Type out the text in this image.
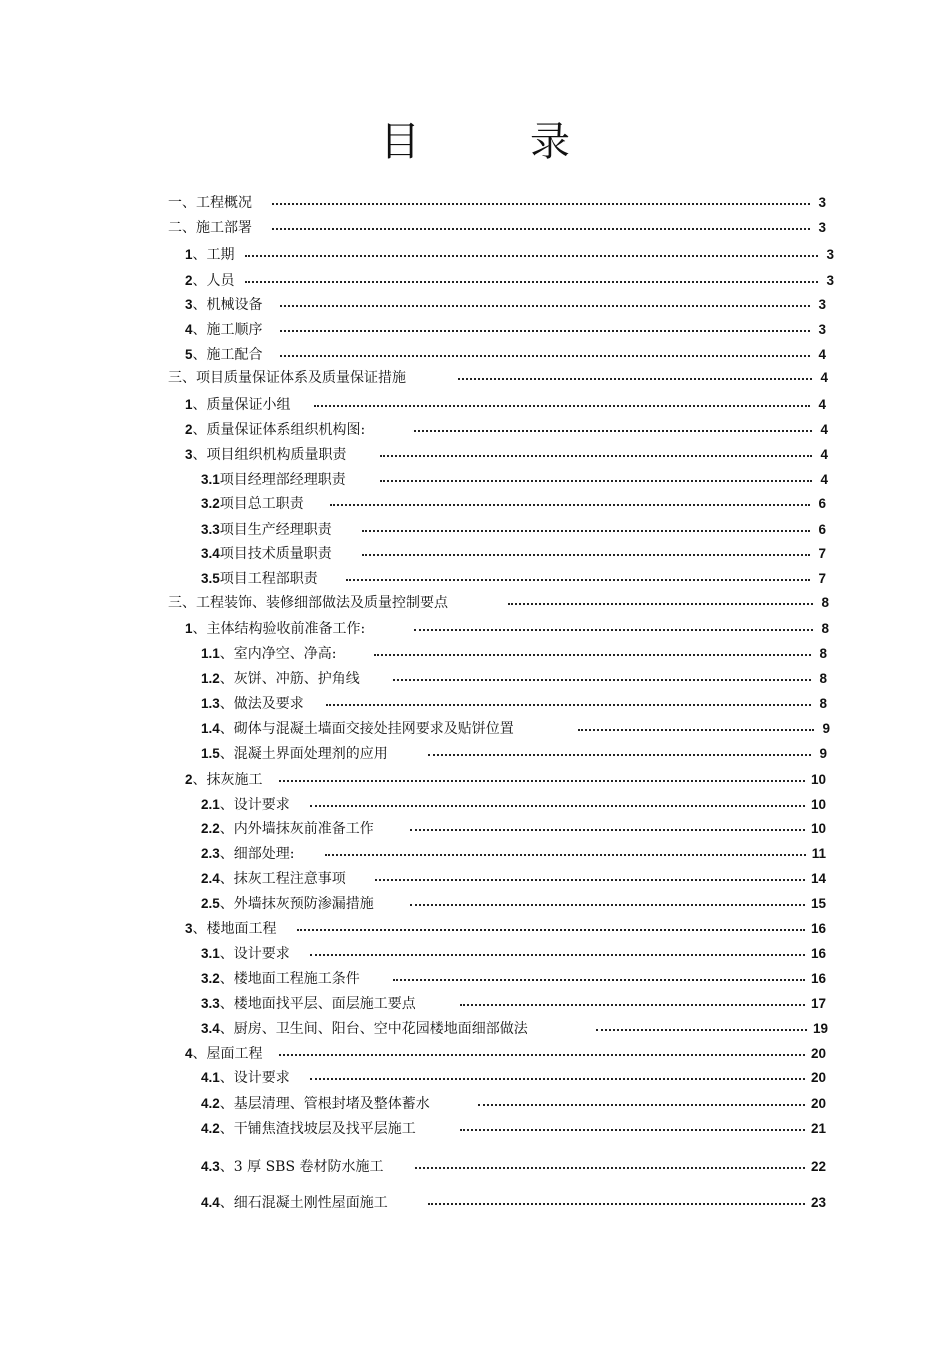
目	录
一、工程概况	3
二、施工部署	3
1 、工期	3
2 、人员	3
3 、机械设备	3
4 、施工顺序	3
5 、施工配合	4
三、项目质量保证体系及质量保证措施	4
1 、质量保证小组	4
2 、质量保证体系组织机构图:	4
3 、项目组织机构质量职责	4
3.1 项目经理部经理职责	4
3.2 项目总工职责	6
3.3 项目生产经理职责	6
3.4 项目技术质量职责	7
3.5 项目工程部职责	7
三、工程装饰、装修细部做法及质量控制要点	8
1 、主体结构验收前准备工作:	8
1.1 、室内净空、净高:	8
1.2 、灰饼、冲筋、护角线	8
1.3 、做法及要求	8
1.4 、砌体与混凝土墙面交接处挂网要求及贴饼位置	9
1.5 、混凝土界面处理剂的应用	9
2 、抹灰施工	10
2.1 、设计要求	10
2.2 、内外墙抹灰前准备工作	10
2.3 、细部处理:	11
2.4 、抹灰工程注意事项	14
2.5 、外墙抹灰预防渗漏措施	15
3 、楼地面工程	16
3.1 、设计要求	16
3.2 、楼地面工程施工条件	16
3.3 、楼地面找平层、面层施工要点	17
3.4 、厨房、卫生间、阳台、空中花园楼地面细部做法	19
4 、屋面工程	20
4.1 、设计要求	20
4.2 、基层清理、管根封堵及整体蓄水	20
4.2 、干铺焦渣找坡层及找平层施工	21
4.3 、3 厚 SBS 卷材防水施工	22
4.4 、细石混凝土刚性屋面施工	23
